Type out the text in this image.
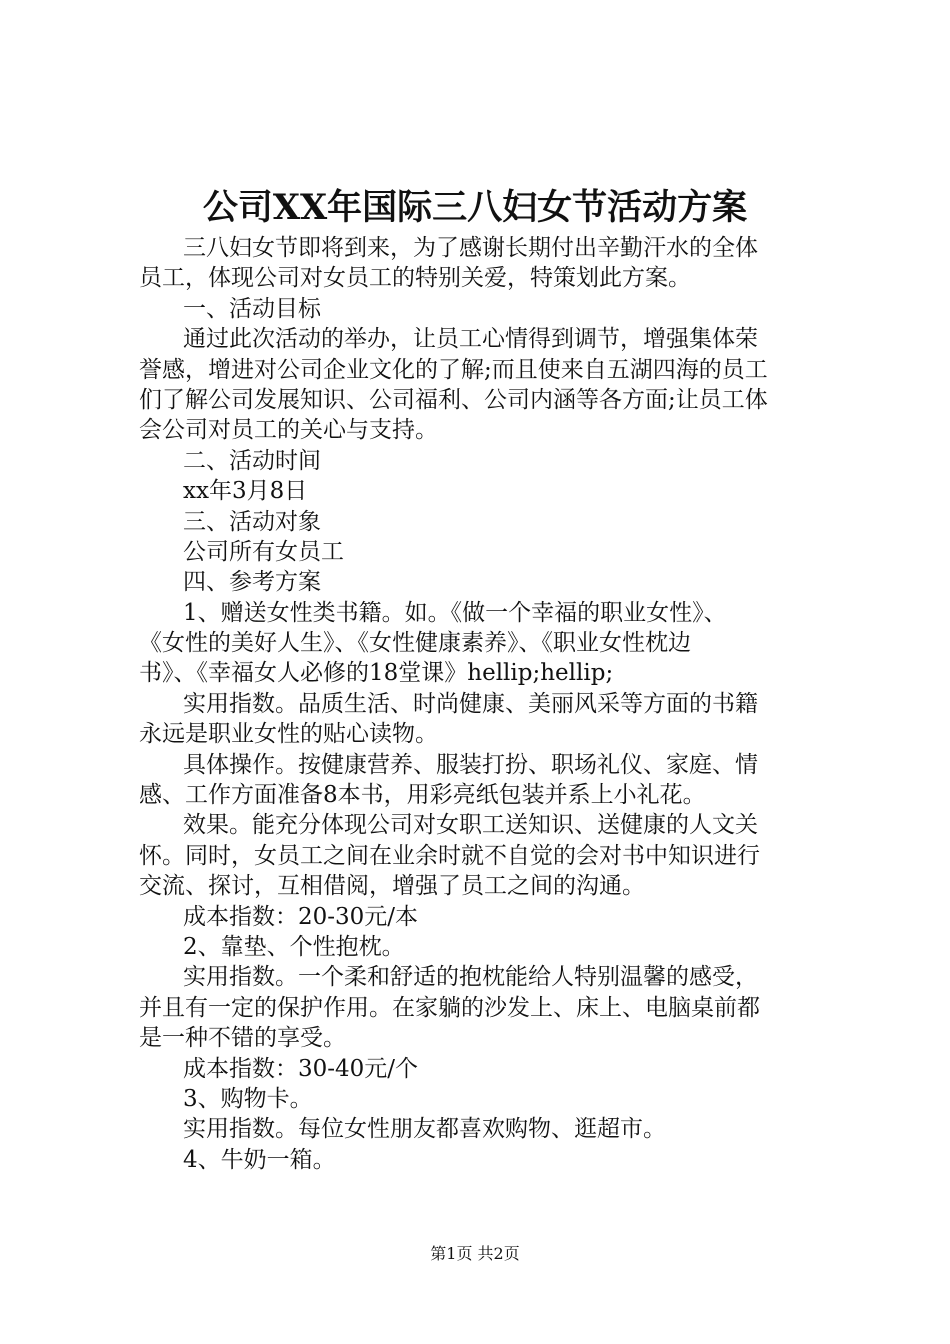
公司XX年国际三八妇女节活动方案
三八妇女节即将到来，为了感谢长期付出辛勤汗水的全体
员工，体现公司对女员工的特别关爱，特策划此方案。
一、活动目标
通过此次活动的举办，让员工心情得到调节，增强集体荣
誉感，增进对公司企业文化的了解;而且使来自五湖四海的员工
们了解公司发展知识、公司福利、公司内涵等各方面;让员工体
会公司对员工的关心与支持。
二、活动时间
xx年3月8日
三、活动对象
公司所有女员工
四、参考方案
1、赠送女性类书籍。如。《做一个幸福的职业女性》、
《女性的美好人生》、《女性健康素养》、《职业女性枕边
书》、《幸福女人必修的18堂课》hellip;hellip;
实用指数。品质生活、时尚健康、美丽风采等方面的书籍
永远是职业女性的贴心读物。
具体操作。按健康营养、服装打扮、职场礼仪、家庭、情
感、工作方面准备8本书，用彩亮纸包装并系上小礼花。
效果。能充分体现公司对女职工送知识、送健康的人文关
怀。同时，女员工之间在业余时就不自觉的会对书中知识进行
交流、探讨，互相借阅，增强了员工之间的沟通。
成本指数：20-30元/本
2、靠垫、个性抱枕。
实用指数。一个柔和舒适的抱枕能给人特别温馨的感受，
并且有一定的保护作用。在家躺的沙发上、床上、电脑桌前都
是一种不错的享受。
成本指数：30-40元/个
3、购物卡。
实用指数。每位女性朋友都喜欢购物、逛超市。
4、牛奶一箱。
第1页 共2页
